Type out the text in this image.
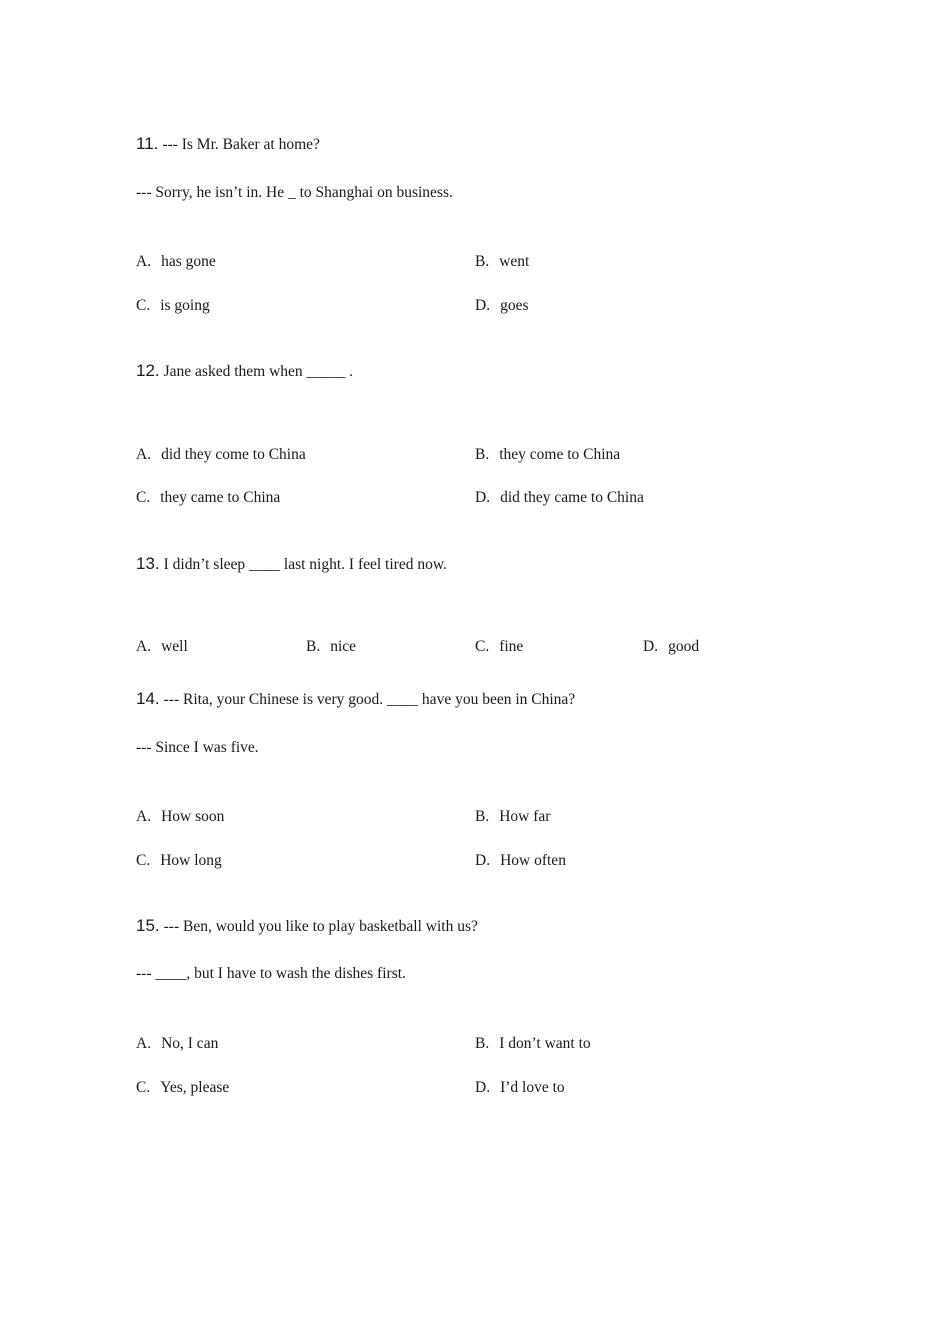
11. --- Is Mr. Baker at home?
--- Sorry, he isn’t in. He _ to Shanghai on business.
A. has gone	B. went
C. is going	D. goes
12. Jane asked them when _____ .
A. did they come to China	B. they come to China
C. they came to China	D. did they came to China
13. I didn’t sleep ____ last night. I feel tired now.
A. well	B. nice	C. fine	D. good
14. --- Rita, your Chinese is very good. ____ have you been in China?
--- Since I was five.
A. How soon	B. How far
C. How long	D. How often
15. --- Ben, would you like to play basketball with us?
--- ____, but I have to wash the dishes first.
A. No, I can	B. I don’t want to
C. Yes, please	D. I’d love to
